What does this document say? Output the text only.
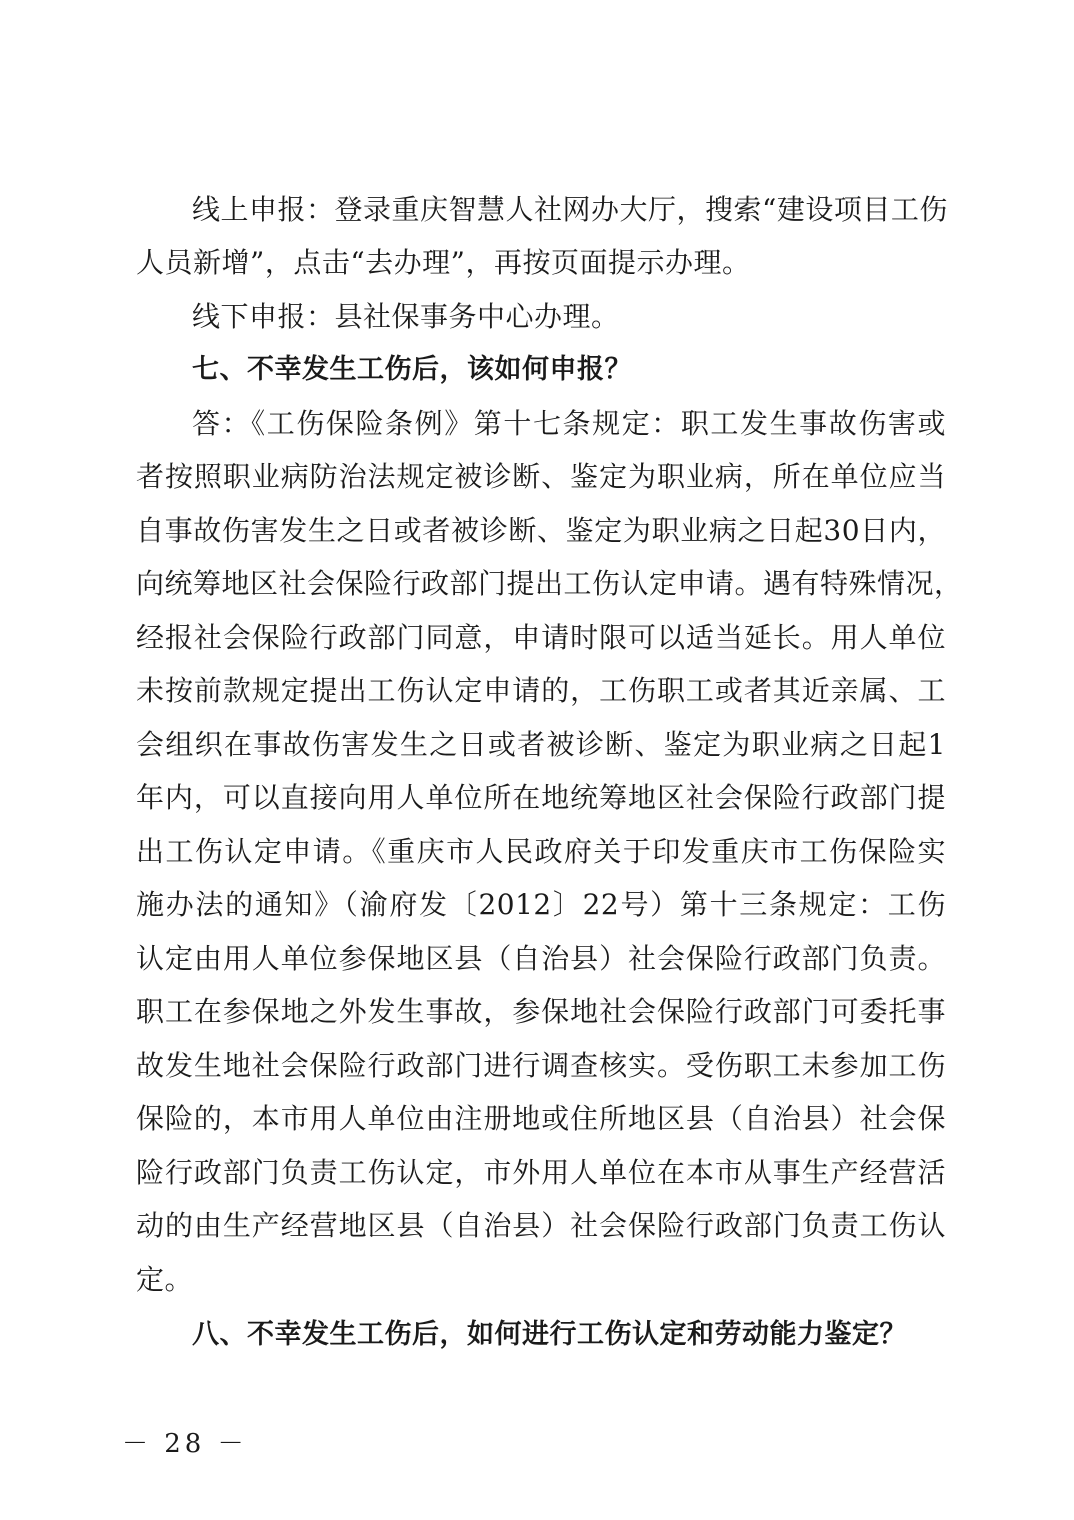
线上申报：登录重庆智慧人社网办大厅，搜索“建设项目工伤
人员新增”，点击“去办理”，再按页面提示办理。
线下申报：县社保事务中心办理。
七、不幸发生工伤后，该如何申报？
答：《工伤保险条例》第十七条规定：职工发生事故伤害或
者按照职业病防治法规定被诊断、鉴定为职业病，所在单位应当
自事故伤害发生之日或者被诊断、鉴定为职业病之日起30日内，
向统筹地区社会保险行政部门提出工伤认定申请。遇有特殊情况，
经报社会保险行政部门同意，申请时限可以适当延长。用人单位
未按前款规定提出工伤认定申请的，工伤职工或者其近亲属、工
会组织在事故伤害发生之日或者被诊断、鉴定为职业病之日起1
年内，可以直接向用人单位所在地统筹地区社会保险行政部门提
出工伤认定申请。《重庆市人民政府关于印发重庆市工伤保险实
施办法的通知》（渝府发〔2012〕22号）第十三条规定：工伤
认定由用人单位参保地区县（自治县）社会保险行政部门负责。
职工在参保地之外发生事故，参保地社会保险行政部门可委托事
故发生地社会保险行政部门进行调查核实。受伤职工未参加工伤
保险的，本市用人单位由注册地或住所地区县（自治县）社会保
险行政部门负责工伤认定，市外用人单位在本市从事生产经营活
动的由生产经营地区县（自治县）社会保险行政部门负责工伤认
定。
八、不幸发生工伤后，如何进行工伤认定和劳动能力鉴定？
－ 28 －
